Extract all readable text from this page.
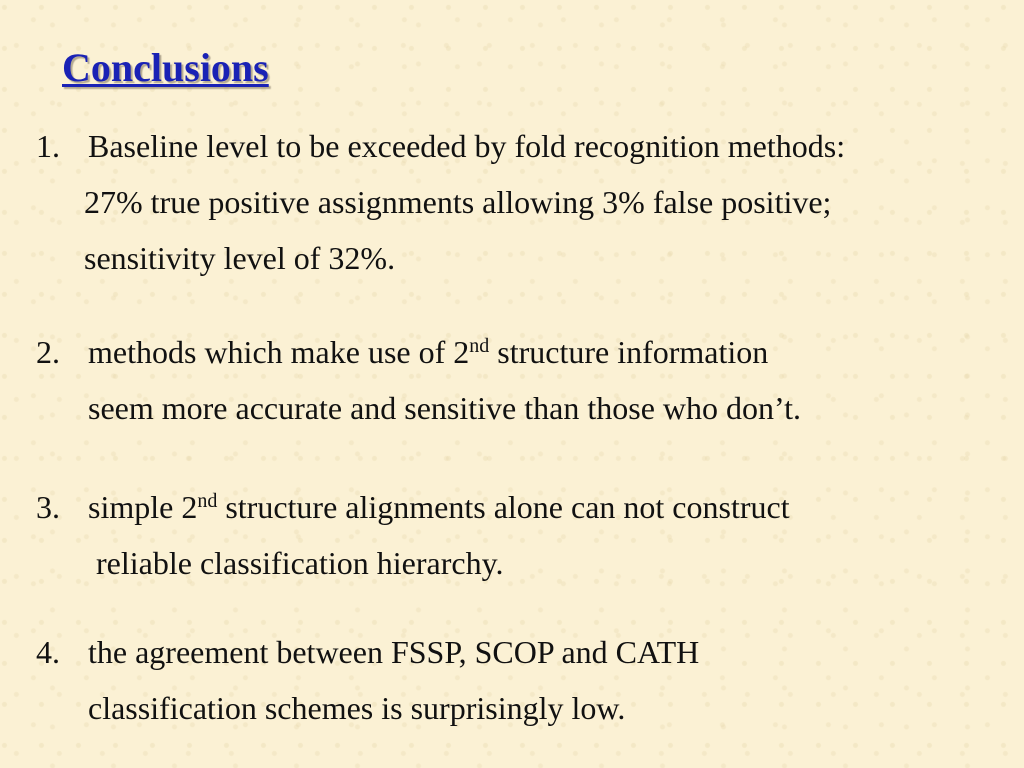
Conclusions
1. Baseline level to be exceeded by fold recognition methods:
27% true positive assignments allowing 3% false positive;
sensitivity level of 32%.
2. methods which make use of 2nd structure information
seem more accurate and sensitive than those who don’t.
3. simple 2nd structure alignments alone can not construct
reliable classification hierarchy.
4. the agreement between FSSP, SCOP and CATH
classification schemes is surprisingly low.
